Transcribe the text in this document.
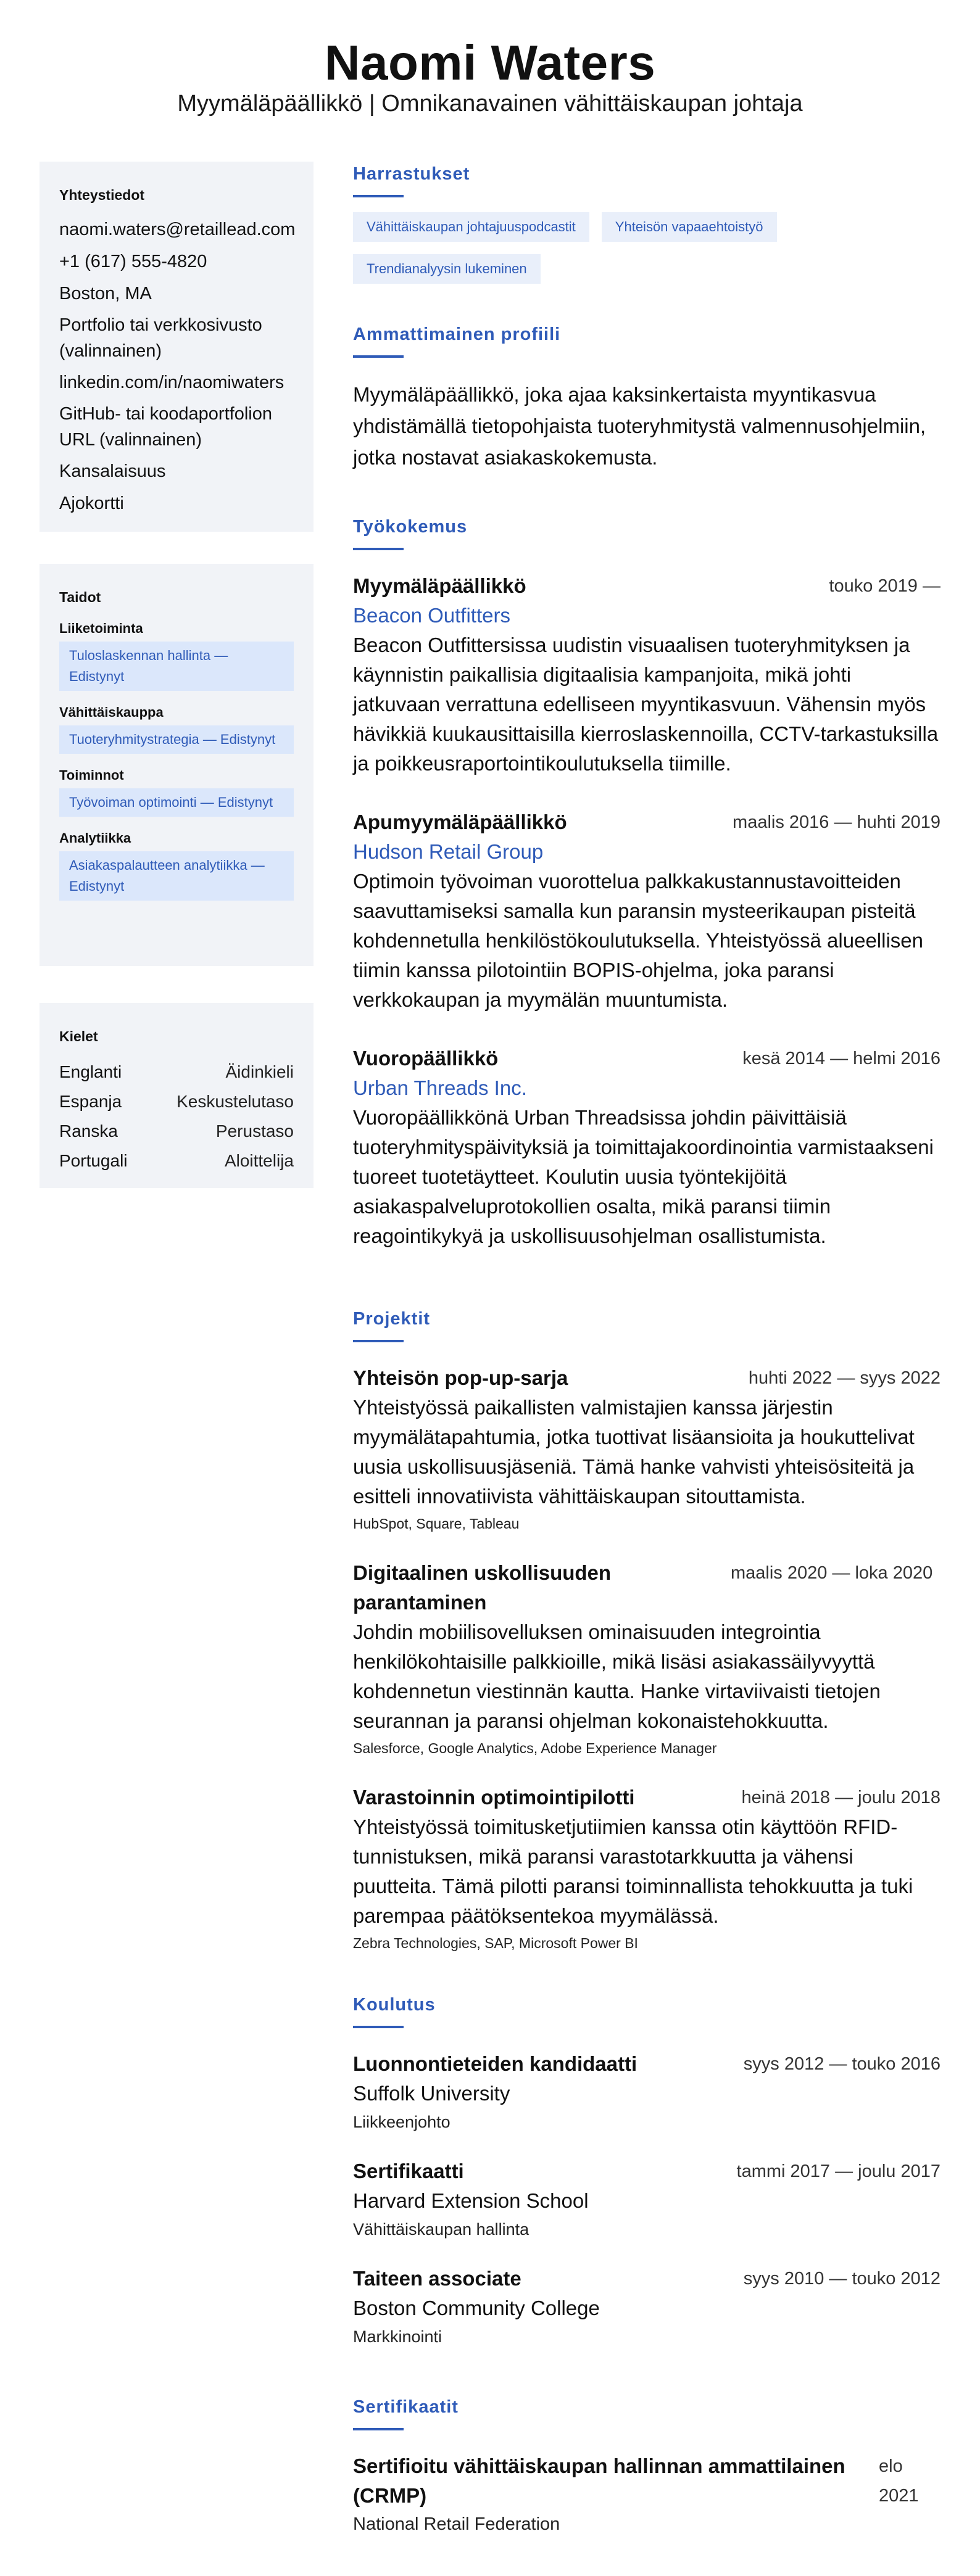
Naomi Waters
Myymäläpäällikkö | Omnikanavainen vähittäiskaupan johtaja
Yhteystiedot
naomi.waters@retaillead.com
+1 (617) 555-4820
Boston, MA
Portfolio tai verkkosivusto (valinnainen)
linkedin.com/in/naomiwaters
GitHub- tai koodaportfolion URL (valinnainen)
Kansalaisuus
Ajokortti
Taidot
Liiketoiminta
Tuloslaskennan hallinta — Edistynyt
Vähittäiskauppa
Tuoteryhmitystrategia — Edistynyt
Toiminnot
Työvoiman optimointi — Edistynyt
Analytiikka
Asiakaspalautteen analytiikka — Edistynyt
Kielet
Englanti	Äidinkieli
Espanja	Keskustelutaso
Ranska	Perustaso
Portugali	Aloittelija
Harrastukset
Vähittäiskaupan johtajuuspodcastit	Yhteisön vapaaehtoistyö
Trendianalyysin lukeminen
Ammattimainen profiili
Myymäläpäällikkö, joka ajaa kaksinkertaista myyntikasvua yhdistämällä tietopohjaista tuoteryhmitystä valmennusohjelmiin, jotka nostavat asiakaskokemusta.
Työkokemus
Myymäläpäällikkö	touko 2019 —
Beacon Outfitters
Beacon Outfittersissa uudistin visuaalisen tuoteryhmityksen ja käynnistin paikallisia digitaalisia kampanjoita, mikä johti jatkuvaan verrattuna edelliseen myyntikasvuun. Vähensin myös hävikkiä kuukausittaisilla kierroslaskennoilla, CCTV-tarkastuksilla ja poikkeusraportointikoulutuksella tiimille.
Apumyymäläpäällikkö	maalis 2016 — huhti 2019
Hudson Retail Group
Optimoin työvoiman vuorottelua palkkakustannustavoitteiden saavuttamiseksi samalla kun paransin mysteerikaupan pisteitä kohdennetulla henkilöstökoulutuksella. Yhteistyössä alueellisen tiimin kanssa pilotointiin BOPIS-ohjelma, joka paransi verkkokaupan ja myymälän muuntumista.
Vuoropäällikkö	kesä 2014 — helmi 2016
Urban Threads Inc.
Vuoropäällikkönä Urban Threadsissa johdin päivittäisiä tuoteryhmityspäivityksiä ja toimittajakoordinointia varmistaakseni tuoreet tuotetäytteet. Koulutin uusia työntekijöitä asiakaspalveluprotokollien osalta, mikä paransi tiimin reagointikykyä ja uskollisuusohjelman osallistumista.
Projektit
Yhteisön pop-up-sarja	huhti 2022 — syys 2022
Yhteistyössä paikallisten valmistajien kanssa järjestin myymälätapahtumia, jotka tuottivat lisäansioita ja houkuttelivat uusia uskollisuusjäseniä. Tämä hanke vahvisti yhteisösiteitä ja esitteli innovatiivista vähittäiskaupan sitouttamista.
HubSpot, Square, Tableau
Digitaalinen uskollisuuden parantaminen
maalis 2020 — loka 2020
Johdin mobiilisovelluksen ominaisuuden integrointia henkilökohtaisille palkkioille, mikä lisäsi asiakassäilyvyyttä kohdennetun viestinnän kautta. Hanke virtaviivaisti tietojen seurannan ja paransi ohjelman kokonaistehokkuutta.
Salesforce, Google Analytics, Adobe Experience Manager
Varastoinnin optimointipilotti	heinä 2018 — joulu 2018
Yhteistyössä toimitusketjutiimien kanssa otin käyttöön RFID-tunnistuksen, mikä paransi varastotarkkuutta ja vähensi puutteita. Tämä pilotti paransi toiminnallista tehokkuutta ja tuki parempaa päätöksentekoa myymälässä.
Zebra Technologies, SAP, Microsoft Power BI
Koulutus
Luonnontieteiden kandidaatti	syys 2012 — touko 2016
Suffolk University
Liikkeenjohto
Sertifikaatti	tammi 2017 — joulu 2017
Harvard Extension School
Vähittäiskaupan hallinta
Taiteen associate	syys 2010 — touko 2012
Boston Community College
Markkinointi
Sertifikaatit
Sertifioitu vähittäiskaupan hallinnan ammattilainen (CRMP)
elo 2021
National Retail Federation
